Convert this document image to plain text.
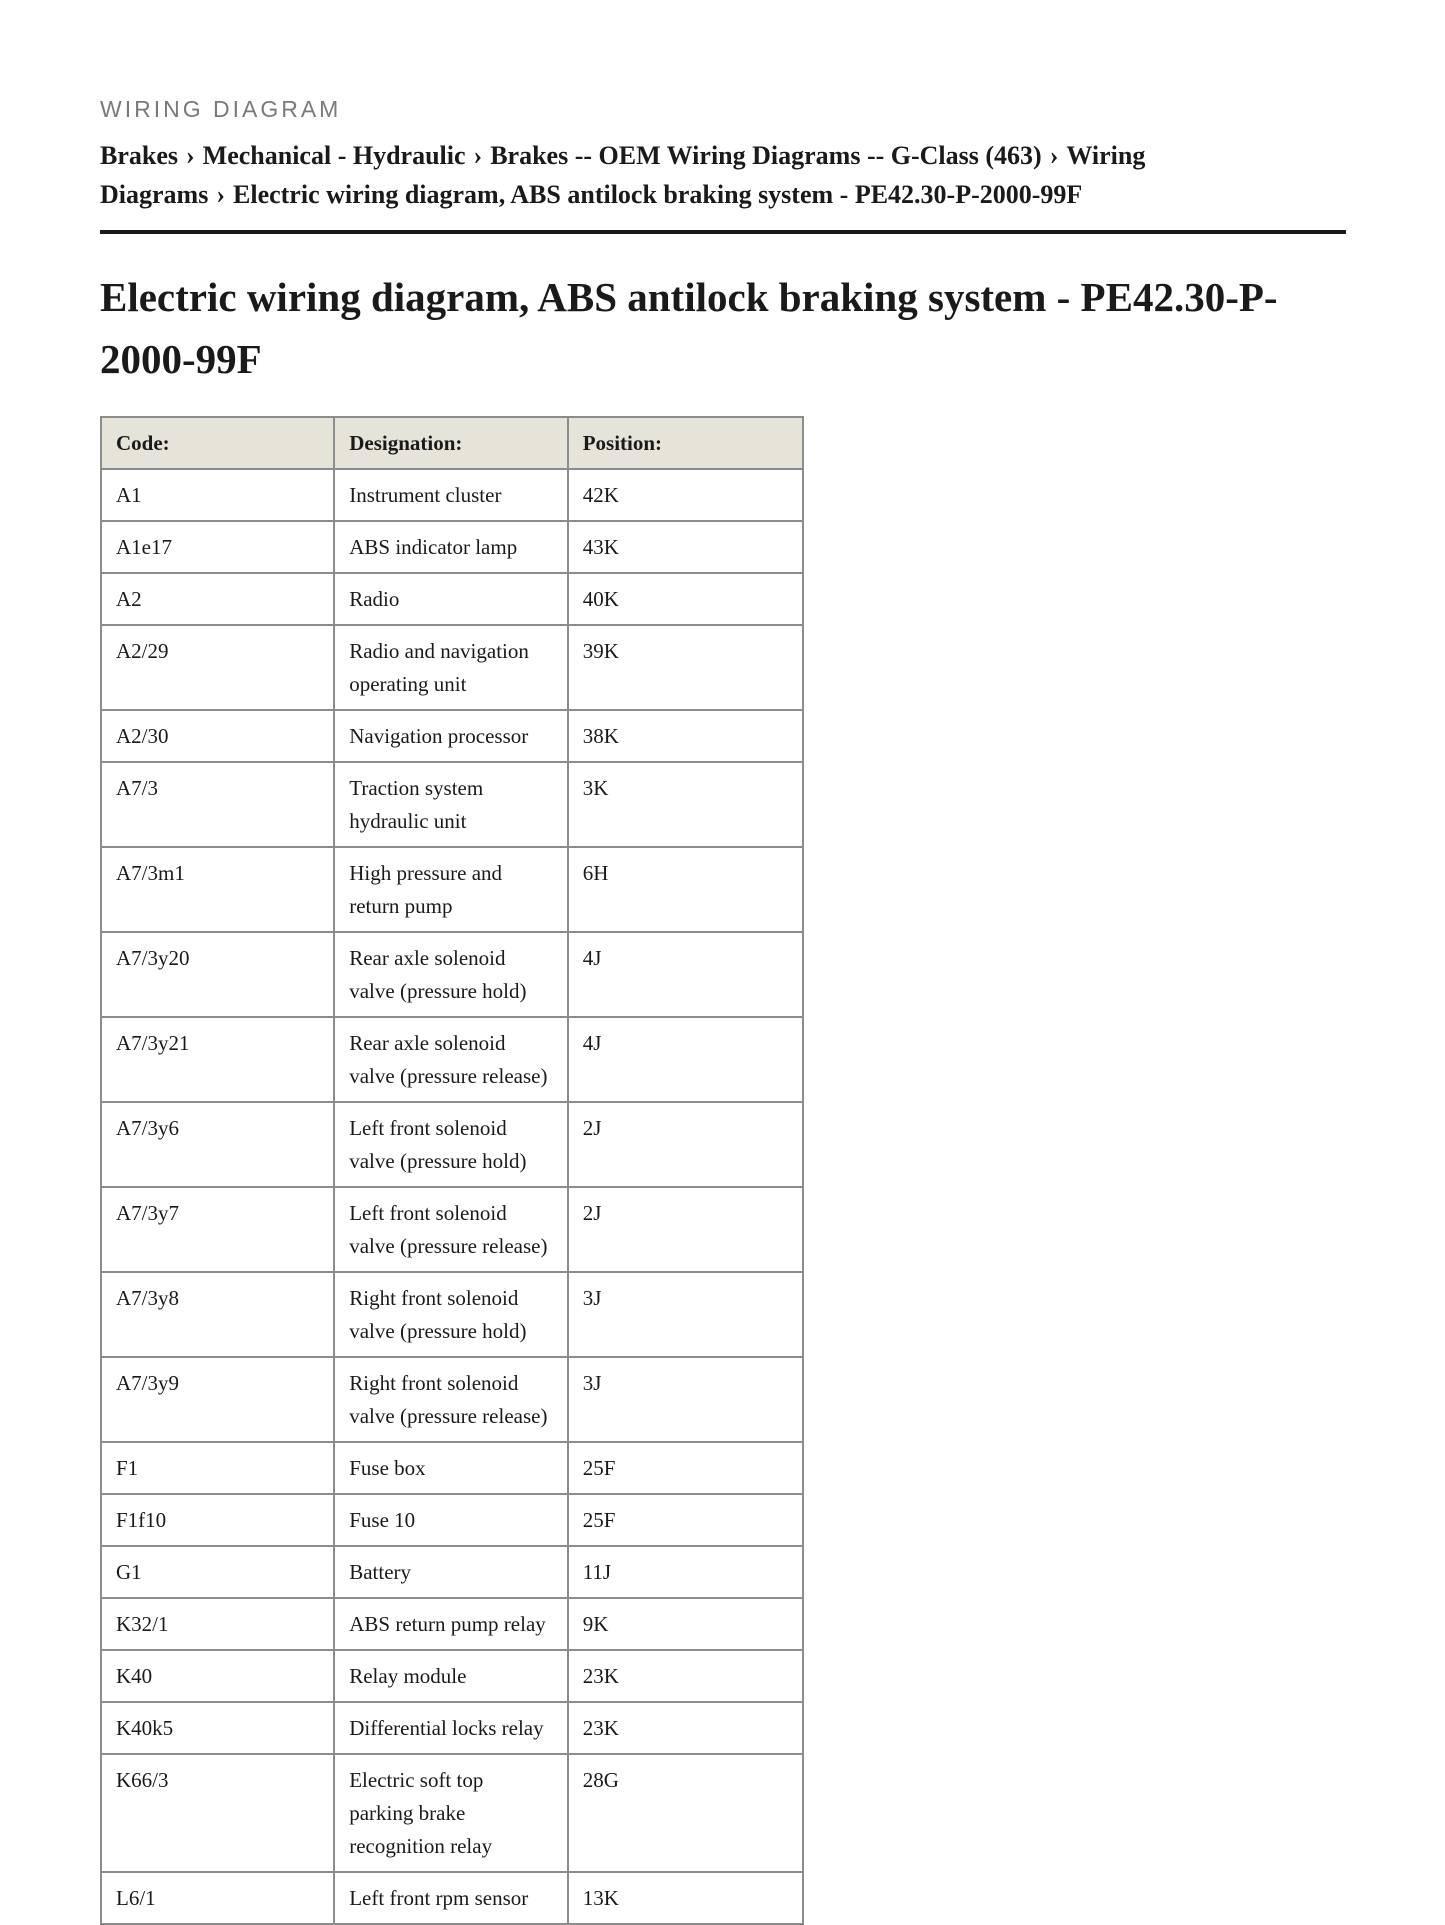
WIRING DIAGRAM

Brakes › Mechanical - Hydraulic › Brakes -- OEM Wiring Diagrams -- G-Class (463) › Wiring Diagrams › Electric wiring diagram, ABS antilock braking system - PE42.30-P-2000-99F
Electric wiring diagram, ABS antilock braking system - PE42.30-P-2000-99F
Code:	Designation:	Position:
A1	Instrument cluster	42K
A1e17	ABS indicator lamp	43K
A2	Radio	40K
A2/29	Radio and navigation operating unit	39K
A2/30	Navigation processor	38K
A7/3	Traction system hydraulic unit	3K
A7/3m1	High pressure and return pump	6H
A7/3y20	Rear axle solenoid valve (pressure hold)	4J
A7/3y21	Rear axle solenoid valve (pressure release)	4J
A7/3y6	Left front solenoid valve (pressure hold)	2J
A7/3y7	Left front solenoid valve (pressure release)	2J
A7/3y8	Right front solenoid valve (pressure hold)	3J
A7/3y9	Right front solenoid valve (pressure release)	3J
F1	Fuse box	25F
F1f10	Fuse 10	25F
G1	Battery	11J
K32/1	ABS return pump relay	9K
K40	Relay module	23K
K40k5	Differential locks relay	23K
K66/3	Electric soft top parking brake recognition relay	28G
L6/1	Left front rpm sensor	13K
